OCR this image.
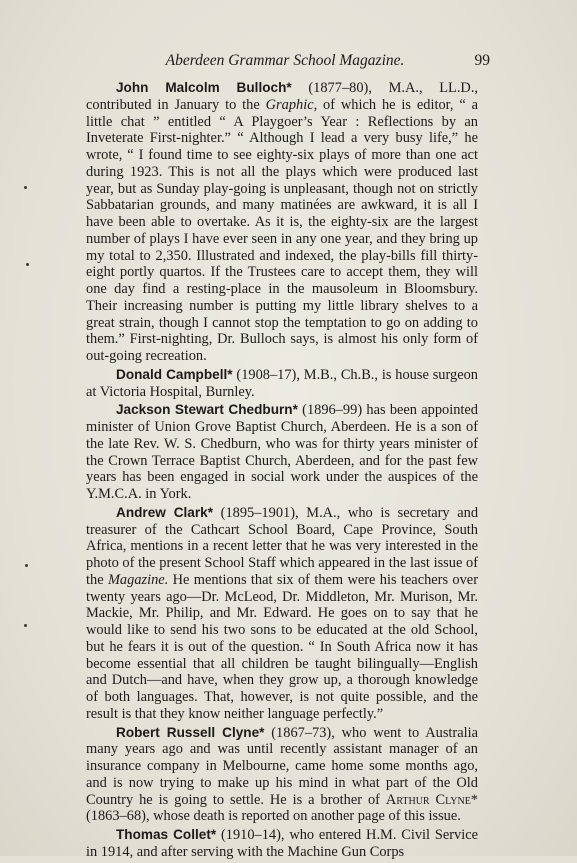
Aberdeen Grammar School Magazine.	99

John Malcolm Bulloch* (1877–80), M.A., LL.D., contributed in January to the Graphic, of which he is editor, “ a little chat ” entitled “ A Playgoer’s Year : Reflections by an Inveterate First-nighter.” “ Although I lead a very busy life,” he wrote, “ I found time to see eighty-six plays of more than one act during 1923. This is not all the plays which were produced last year, but as Sunday play-going is unpleasant, though not on strictly Sabbatarian grounds, and many matinées are awkward, it is all I have been able to overtake. As it is, the eighty-six are the largest number of plays I have ever seen in any one year, and they bring up my total to 2,350. Illustrated and indexed, the play-bills fill thirty-eight portly quartos. If the Trustees care to accept them, they will one day find a resting-place in the mausoleum in Bloomsbury. Their increasing number is putting my little library shelves to a great strain, though I cannot stop the temptation to go on adding to them.” First-nighting, Dr. Bulloch says, is almost his only form of out-going recreation.

Donald Campbell* (1908–17), M.B., Ch.B., is house surgeon at Victoria Hospital, Burnley.

Jackson Stewart Chedburn* (1896–99) has been appointed minister of Union Grove Baptist Church, Aberdeen. He is a son of the late Rev. W. S. Chedburn, who was for thirty years minister of the Crown Terrace Baptist Church, Aberdeen, and for the past few years has been engaged in social work under the auspices of the Y.M.C.A. in York.

Andrew Clark* (1895–1901), M.A., who is secretary and treasurer of the Cathcart School Board, Cape Province, South Africa, mentions in a recent letter that he was very interested in the photo of the present School Staff which appeared in the last issue of the Magazine. He mentions that six of them were his teachers over twenty years ago—Dr. McLeod, Dr. Middleton, Mr. Murison, Mr. Mackie, Mr. Philip, and Mr. Edward. He goes on to say that he would like to send his two sons to be educated at the old School, but he fears it is out of the question. “ In South Africa now it has become essential that all children be taught bilingually—English and Dutch—and have, when they grow up, a thorough knowledge of both languages. That, however, is not quite possible, and the result is that they know neither language perfectly.”

Robert Russell Clyne* (1867–73), who went to Australia many years ago and was until recently assistant manager of an insurance company in Melbourne, came home some months ago, and is now trying to make up his mind in what part of the Old Country he is going to settle. He is a brother of Arthur Clyne* (1863–68), whose death is reported on another page of this issue.

Thomas Collet* (1910–14), who entered H.M. Civil Service in 1914, and after serving with the Machine Gun Corps
